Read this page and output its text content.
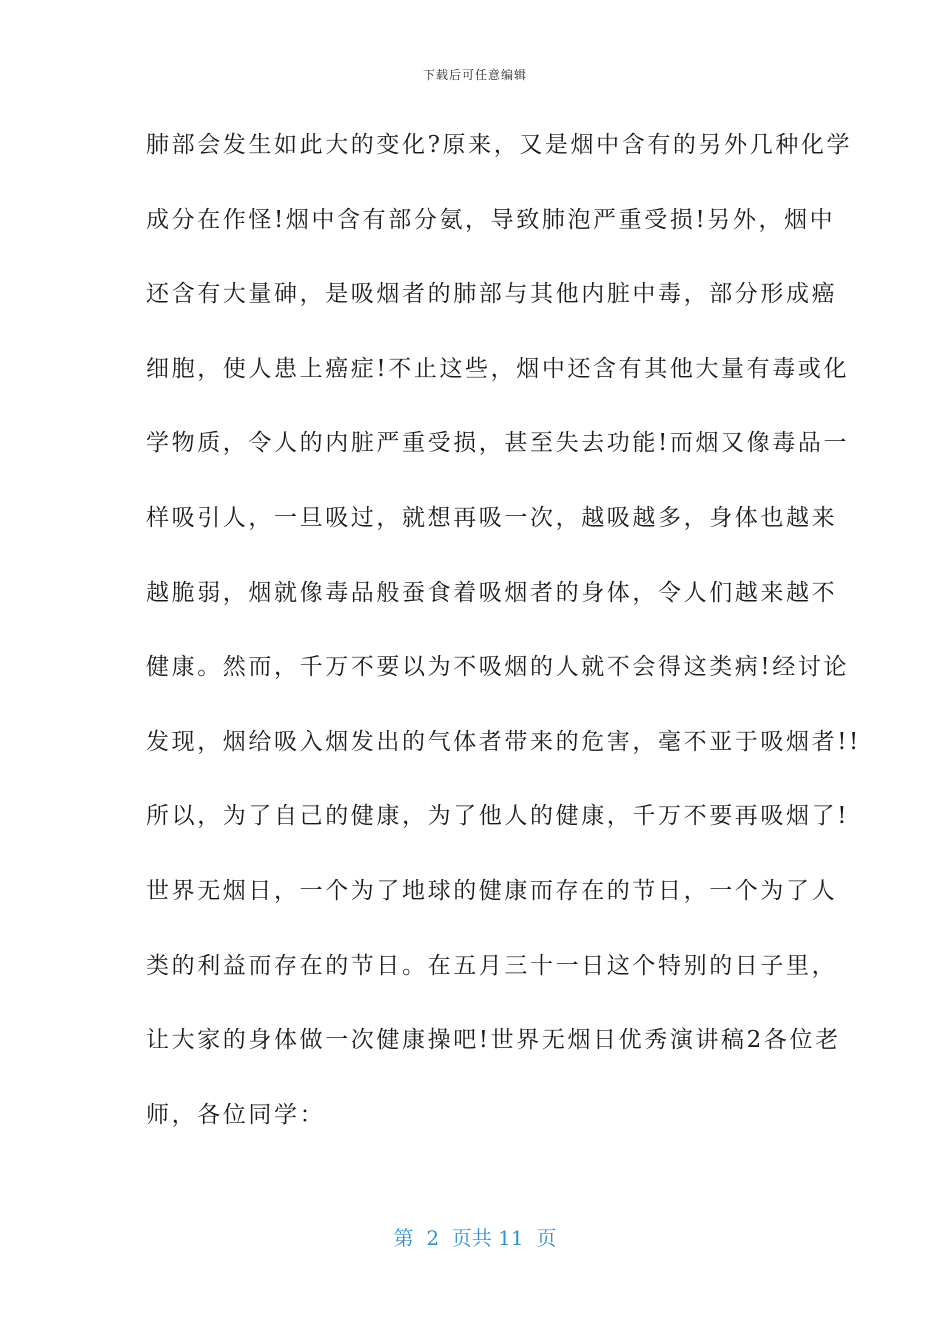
下载后可任意编辑
肺部会发生如此大的变化?原来，又是烟中含有的另外几种化学
成分在作怪!烟中含有部分氨，导致肺泡严重受损!另外，烟中
还含有大量砷，是吸烟者的肺部与其他内脏中毒，部分形成癌
细胞，使人患上癌症!不止这些，烟中还含有其他大量有毒或化
学物质，令人的内脏严重受损，甚至失去功能!而烟又像毒品一
样吸引人，一旦吸过，就想再吸一次，越吸越多，身体也越来
越脆弱，烟就像毒品般蚕食着吸烟者的身体，令人们越来越不
健康。然而，千万不要以为不吸烟的人就不会得这类病!经讨论
发现，烟给吸入烟发出的气体者带来的危害，毫不亚于吸烟者!!
所以，为了自己的健康，为了他人的健康，千万不要再吸烟了!
世界无烟日，一个为了地球的健康而存在的节日，一个为了人
类的利益而存在的节日。在五月三十一日这个特别的日子里，
让大家的身体做一次健康操吧!世界无烟日优秀演讲稿2各位老
师，各位同学：
第  2  页共 11  页
